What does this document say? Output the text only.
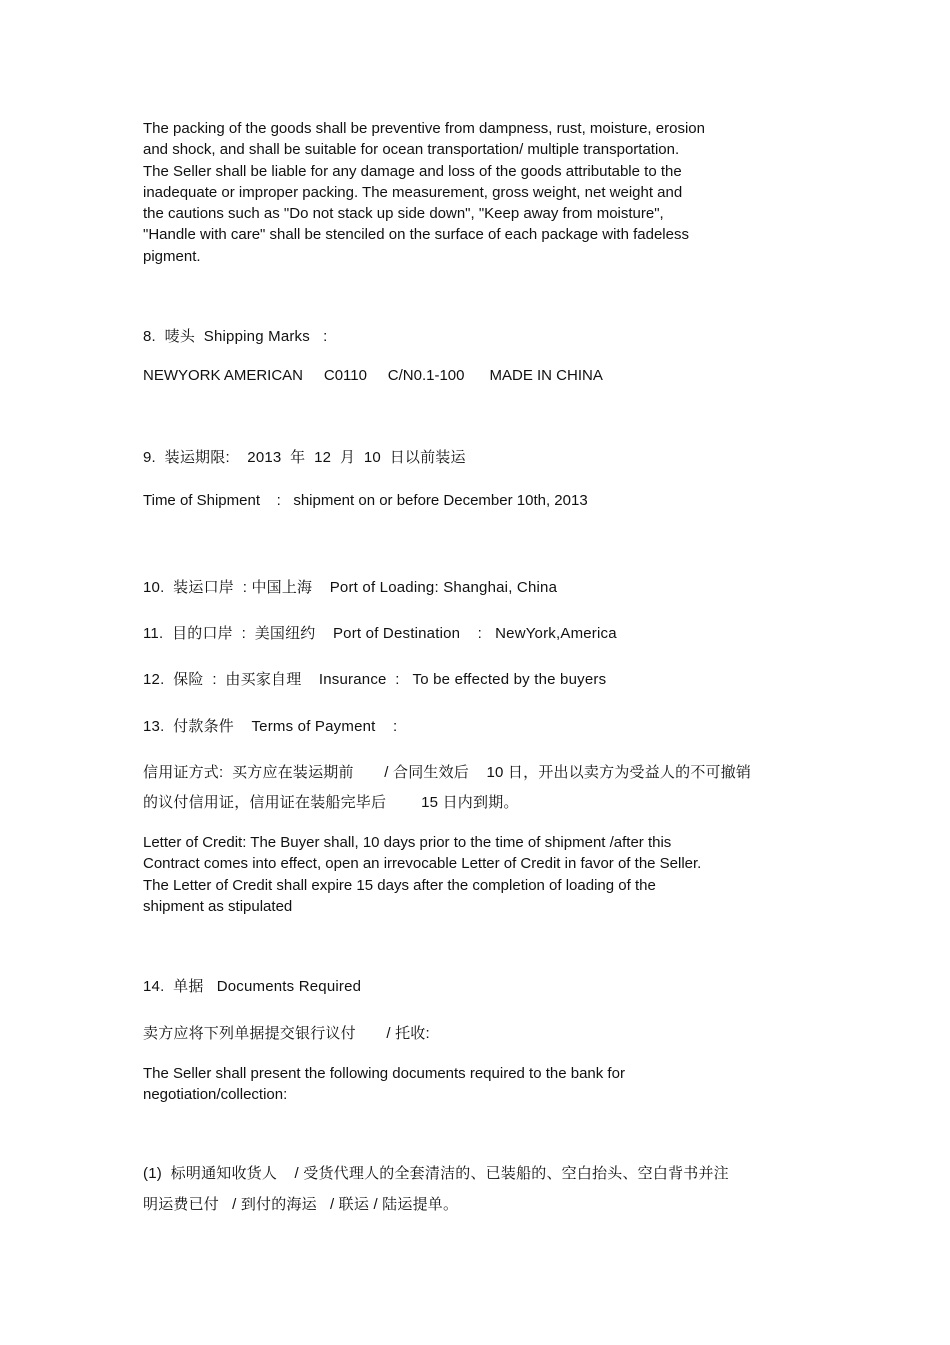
The packing of the goods shall be preventive from dampness, rust, moisture, erosion
and shock, and shall be suitable for ocean transportation/ multiple transportation.
The Seller shall be liable for any damage and loss of the goods attributable to the
inadequate or improper packing. The measurement, gross weight, net weight and
the cautions such as "Do not stack up side down", "Keep away from moisture",
"Handle with care" shall be stenciled on the surface of each package with fadeless
pigment.
8.  唛头  Shipping Marks   :
NEWYORK AMERICAN     C0110     C/N0.1-100      MADE IN CHINA
9.  装运期限:    2013  年  12  月  10  日以前装运
Time of Shipment    :   shipment on or before December 10th, 2013
10.  装运口岸  : 中国上海    Port of Loading: Shanghai, China
11.  目的口岸  :  美国纽约    Port of Destination    :   NewYork,America
12.  保险  :  由买家自理    Insurance  :   To be effected by the buyers
13.  付款条件    Terms of Payment    :
信用证方式:  买方应在装运期前       / 合同生效后    10 日，开出以卖方为受益人的不可撤销
的议付信用证，信用证在装船完毕后        15 日内到期。
Letter of Credit: The Buyer shall, 10 days prior to the time of shipment /after this
Contract comes into effect, open an irrevocable Letter of Credit in favor of the Seller.
The Letter of Credit shall expire 15 days after the completion of loading of the
shipment as stipulated
14.  单据   Documents Required
卖方应将下列单据提交银行议付       / 托收:
The Seller shall present the following documents required to the bank for
negotiation/collection:
(1)  标明通知收货人    / 受货代理人的全套清洁的、已装船的、空白抬头、空白背书并注
明运费已付   / 到付的海运   / 联运 / 陆运提单。
